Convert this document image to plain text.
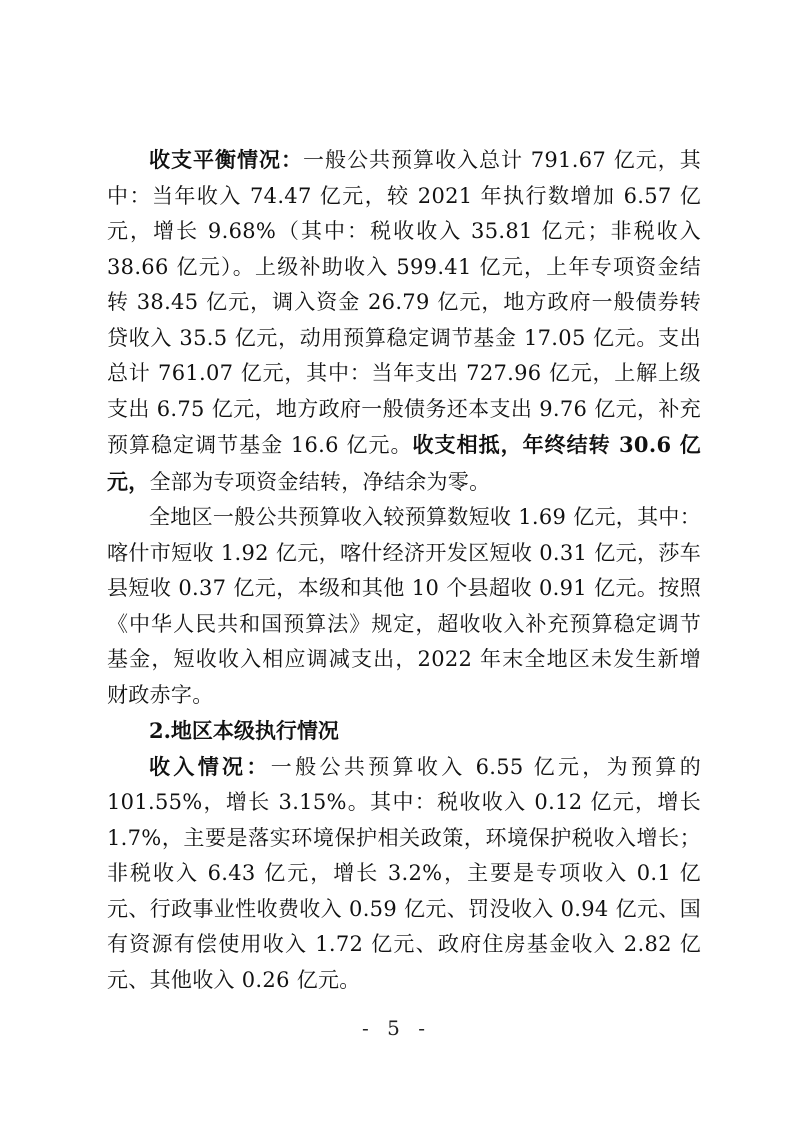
收支平衡情况：一般公共预算收入总计 791.67 亿元，其中：当年收入 74.47 亿元，较 2021 年执行数增加 6.57 亿元，增长 9.68%（其中：税收收入 35.81 亿元；非税收入 38.66 亿元）。上级补助收入 599.41 亿元，上年专项资金结转 38.45 亿元，调入资金 26.79 亿元，地方政府一般债券转贷收入 35.5 亿元，动用预算稳定调节基金 17.05 亿元。支出总计 761.07 亿元，其中：当年支出 727.96 亿元，上解上级支出 6.75 亿元，地方政府一般债务还本支出 9.76 亿元，补充预算稳定调节基金 16.6 亿元。收支相抵，年终结转 30.6 亿元，全部为专项资金结转，净结余为零。

全地区一般公共预算收入较预算数短收 1.69 亿元，其中：喀什市短收 1.92 亿元，喀什经济开发区短收 0.31 亿元，莎车县短收 0.37 亿元，本级和其他 10 个县超收 0.91 亿元。按照《中华人民共和国预算法》规定，超收收入补充预算稳定调节基金，短收收入相应调减支出，2022 年末全地区未发生新增财政赤字。

2.地区本级执行情况

收入情况：一般公共预算收入 6.55 亿元，为预算的 101.55%，增长 3.15%。其中：税收收入 0.12 亿元，增长 1.7%，主要是落实环境保护相关政策，环境保护税收入增长；非税收入 6.43 亿元，增长 3.2%，主要是专项收入 0.1 亿元、行政事业性收费收入 0.59 亿元、罚没收入 0.94 亿元、国有资源有偿使用收入 1.72 亿元、政府住房基金收入 2.82 亿元、其他收入 0.26 亿元。

- 5 -
